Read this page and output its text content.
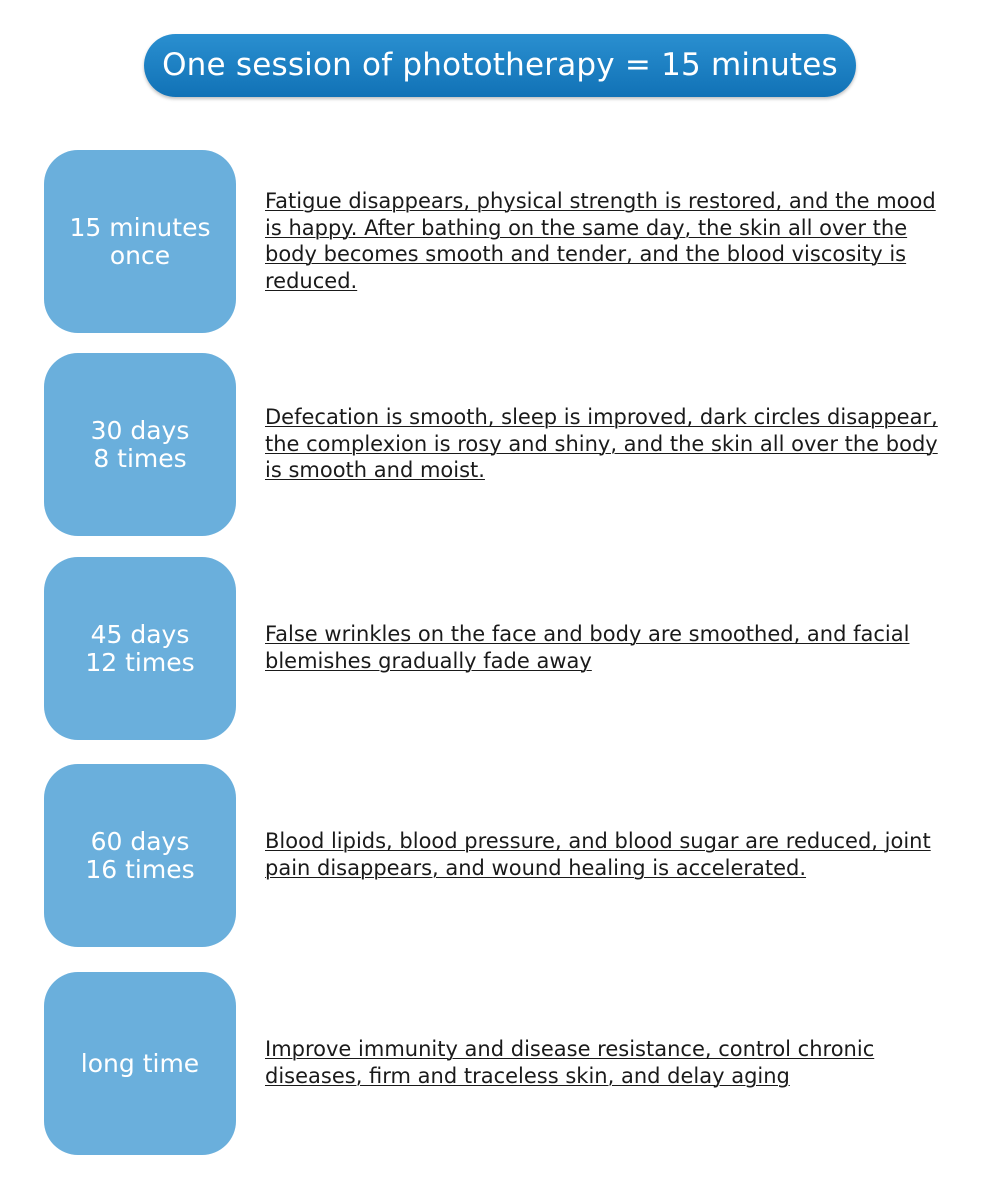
One session of phototherapy = 15 minutes
15 minutes
once
Fatigue disappears, physical strength is restored, and the mood is happy. After bathing on the same day, the skin all over the body becomes smooth and tender, and the blood viscosity is reduced.
30 days
8 times
Defecation is smooth, sleep is improved, dark circles disappear, the complexion is rosy and shiny, and the skin all over the body is smooth and moist.
45 days
12 times
False wrinkles on the face and body are smoothed, and facial blemishes gradually fade away
60 days
16 times
Blood lipids, blood pressure, and blood sugar are reduced, joint pain disappears, and wound healing is accelerated.
long time	Improve immunity and disease resistance, control chronic diseases, firm and traceless skin, and delay aging
